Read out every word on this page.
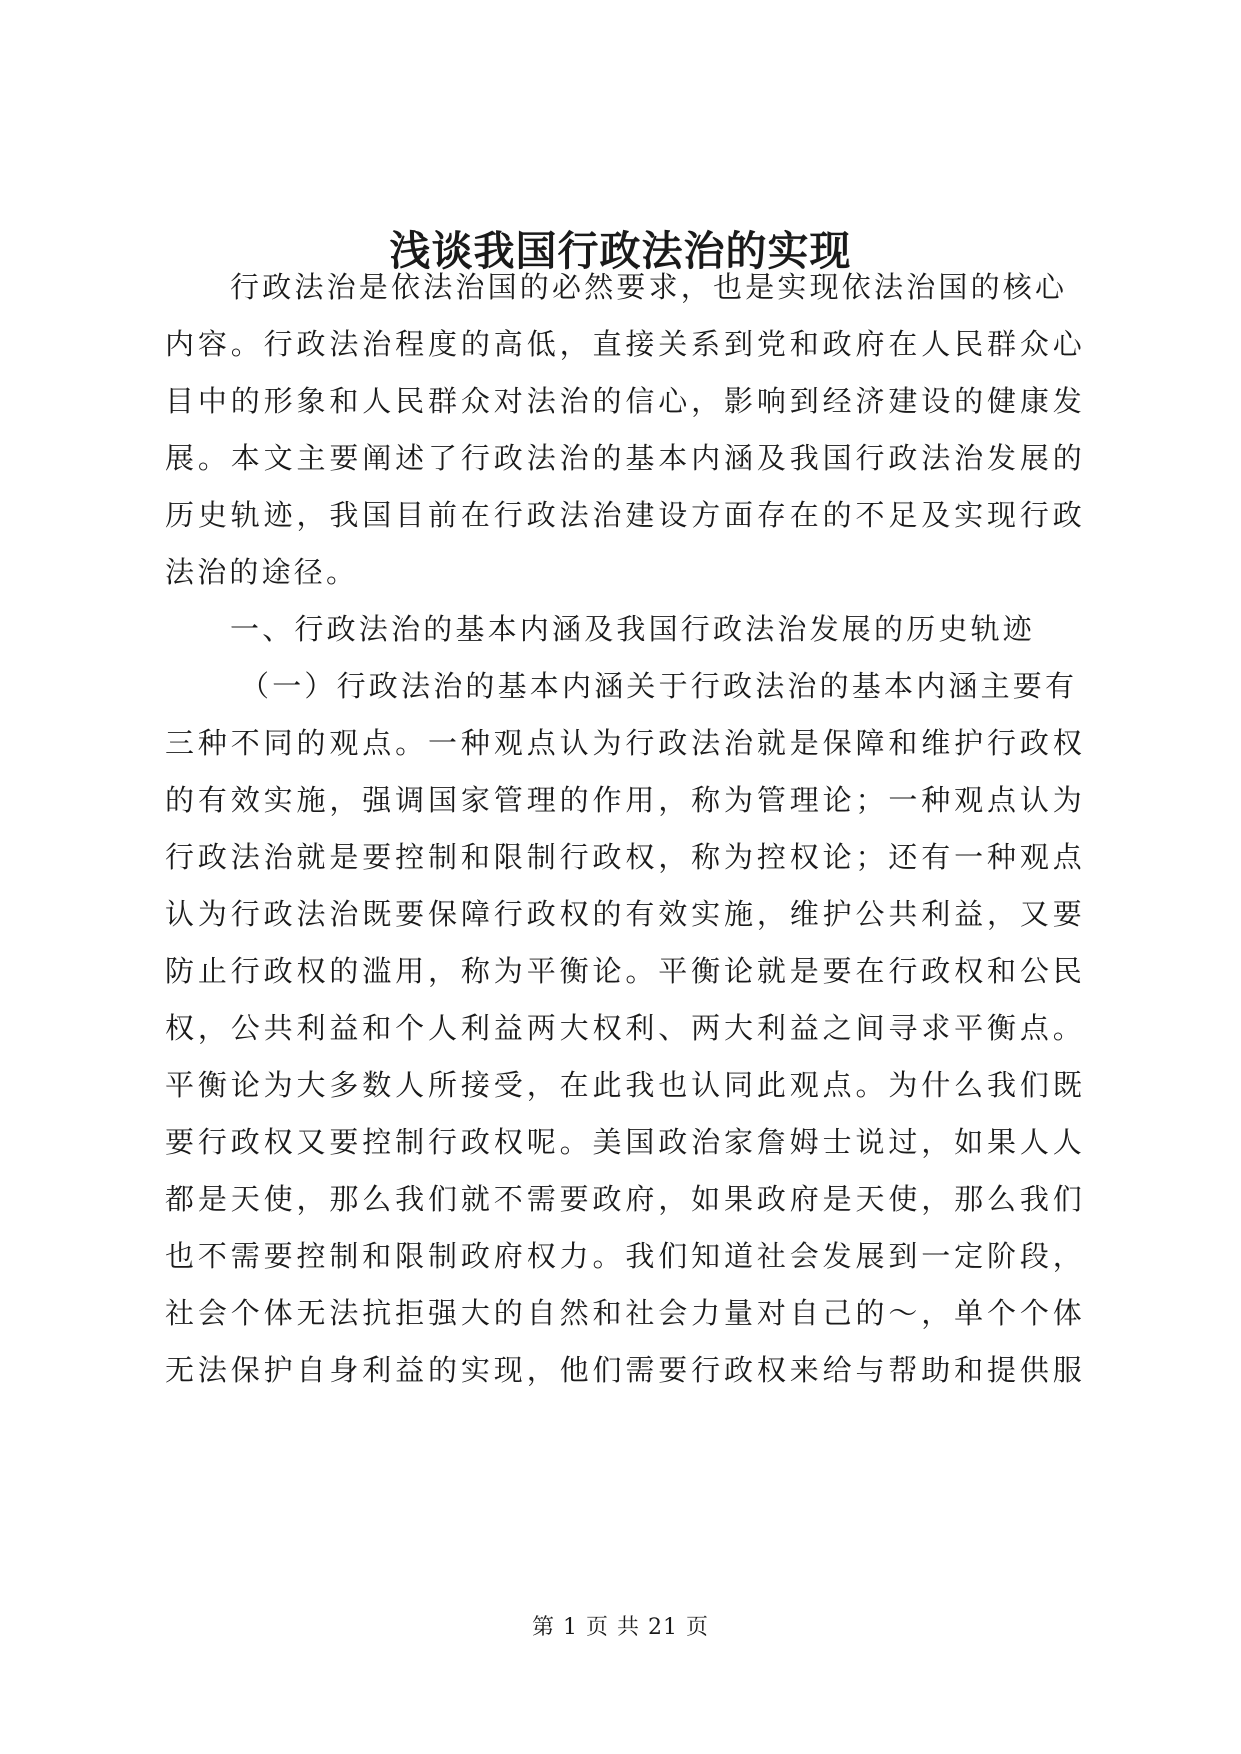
浅谈我国行政法治的实现
行政法治是依法治国的必然要求，也是实现依法治国的核心
内容。行政法治程度的高低，直接关系到党和政府在人民群众心
目中的形象和人民群众对法治的信心，影响到经济建设的健康发
展。本文主要阐述了行政法治的基本内涵及我国行政法治发展的
历史轨迹，我国目前在行政法治建设方面存在的不足及实现行政
法治的途径。
一、行政法治的基本内涵及我国行政法治发展的历史轨迹
（一）行政法治的基本内涵关于行政法治的基本内涵主要有
三种不同的观点。一种观点认为行政法治就是保障和维护行政权
的有效实施，强调国家管理的作用，称为管理论；一种观点认为
行政法治就是要控制和限制行政权，称为控权论；还有一种观点
认为行政法治既要保障行政权的有效实施，维护公共利益，又要
防止行政权的滥用，称为平衡论。平衡论就是要在行政权和公民
权，公共利益和个人利益两大权利、两大利益之间寻求平衡点。
平衡论为大多数人所接受，在此我也认同此观点。为什么我们既
要行政权又要控制行政权呢。美国政治家詹姆士说过，如果人人
都是天使，那么我们就不需要政府，如果政府是天使，那么我们
也不需要控制和限制政府权力。我们知道社会发展到一定阶段，
社会个体无法抗拒强大的自然和社会力量对自己的～，单个个体
无法保护自身利益的实现，他们需要行政权来给与帮助和提供服
第 1 页 共 21 页
